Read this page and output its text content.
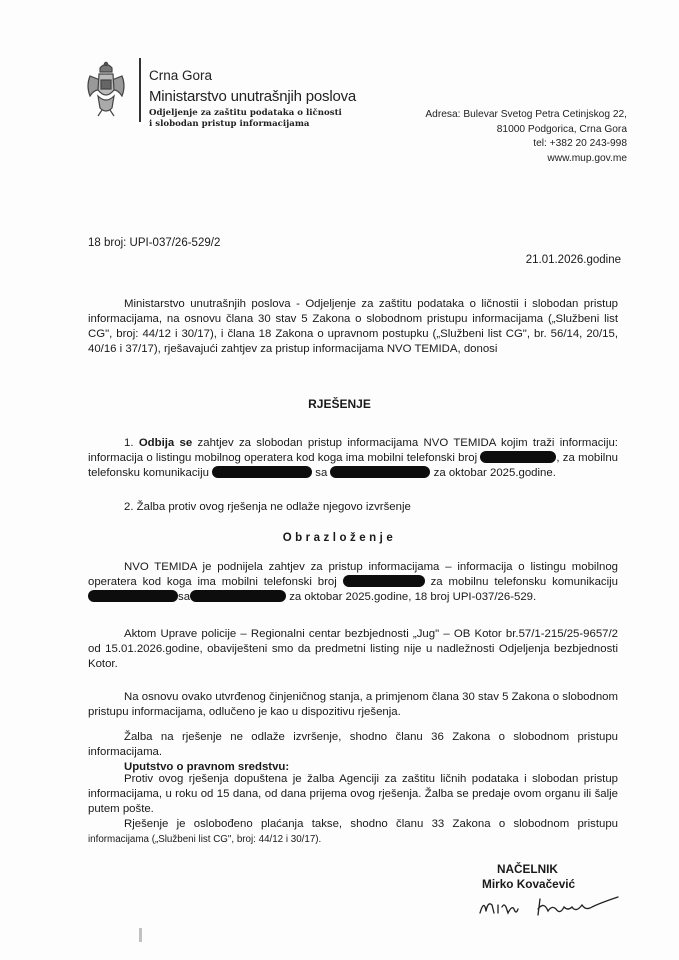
Crna Gora
Ministarstvo unutrašnjih poslova
Odjeljenje za zaštitu podataka o ličnosti
i slobodan pristup informacijama
Adresa: Bulevar Svetog Petra Cetinjskog 22,
81000 Podgorica, Crna Gora
tel: +382 20 243-998
www.mup.gov.me
18 broj: UPI-037/26-529/2
21.01.2026.godine
Ministarstvo unutrašnjih poslova - Odjeljenje za zaštitu podataka o ličnostii i slobodan pristup informacijama, na osnovu člana 30 stav 5 Zakona o slobodnom pristupu informacijama („Službeni list CG", broj: 44/12 i 30/17), i člana 18 Zakona o upravnom postupku („Službeni list CG", br. 56/14, 20/15, 40/16 i 37/17), rješavajući zahtjev za pristup informacijama NVO TEMIDA, donosi
RJEŠENJE
1. Odbija se zahtjev za slobodan pristup informacijama NVO TEMIDA kojim traži informaciju: informacija o listingu mobilnog operatera kod koga ima mobilni telefonski broj	, za mobilnu telefonsku komunikaciju	sa	za oktobar 2025.godine.
2. Žalba protiv ovog rješenja ne odlaže njegovo izvršenje
Obrazloženje
NVO TEMIDA je podnijela zahtjev za pristup informacijama – informacija o listingu mobilnog operatera kod koga ima mobilni telefonski broj	za mobilnu telefonsku komunikaciju sa	za oktobar 2025.godine, 18 broj UPI-037/26-529.
Aktom Uprave policije – Regionalni centar bezbjednosti „Jug" – OB Kotor br.57/1-215/25-9657/2 od 15.01.2026.godine, obaviješteni smo da predmetni listing nije u nadležnosti Odjeljenja bezbjednosti Kotor.
Na osnovu ovako utvrđenog činjeničnog stanja, a primjenom člana 30 stav 5 Zakona o slobodnom pristupu informacijama, odlučeno je kao u dispozitivu rješenja.
Žalba na rješenje ne odlaže izvršenje, shodno članu 36 Zakona o slobodnom pristupu informacijama.
Uputstvo o pravnom sredstvu:
Protiv ovog rješenja dopuštena je žalba Agenciji za zaštitu ličnih podataka i slobodan pristup informacijama, u roku od 15 dana, od dana prijema ovog rješenja. Žalba se predaje ovom organu ili šalje putem pošte.
Rješenje je oslobođeno plaćanja takse, shodno članu 33 Zakona o slobodnom pristupu informacijama („Službeni list CG", broj: 44/12 i 30/17).
NAČELNIK
Mirko Kovačević
